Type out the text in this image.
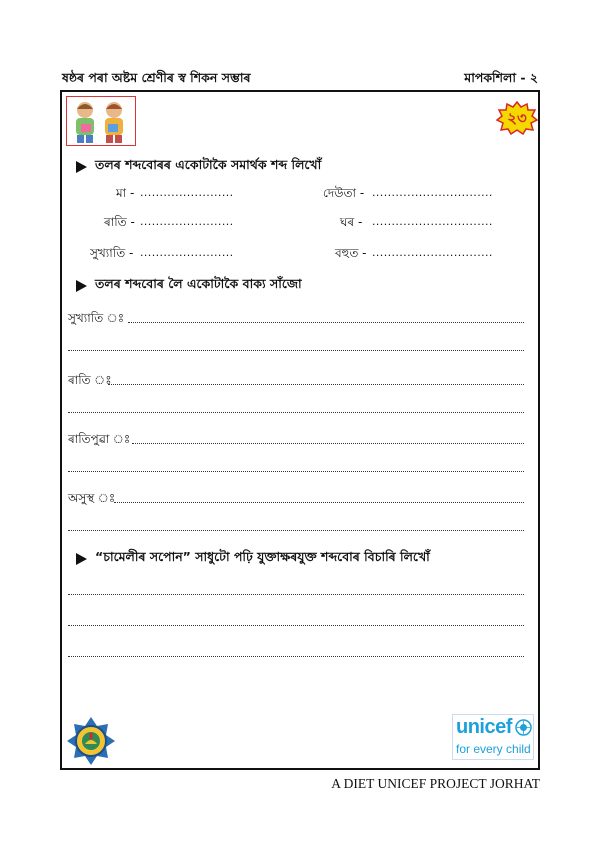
ষষ্ঠৰ পৰা অষ্টম শ্ৰেণীৰ স্ব শিকন সম্ভাৰ	মাপকশিলা - ২
২৩
তলৰ শব্দবোৰৰ একোটাকৈ সমাৰ্থক শব্দ লিখোঁ
মা - ........................	দেউতা - ...............................
ৰাতি - ........................	ঘৰ - ...............................
সুখ্যাতি - ........................	বহুত - ...............................
তলৰ শব্দবোৰ লৈ একোটাকৈ বাক্য সাঁজো
সুখ্যাতি ঃ
ৰাতি ঃ
ৰাতিপুৱা ঃ
অসুস্থ ঃ
“চামেলীৰ সপোন” সাধুটো পঢ়ি যুক্তাক্ষৰযুক্ত শব্দবোৰ বিচাৰি লিখোঁ
unicef
for every child
A DIET UNICEF PROJECT JORHAT
